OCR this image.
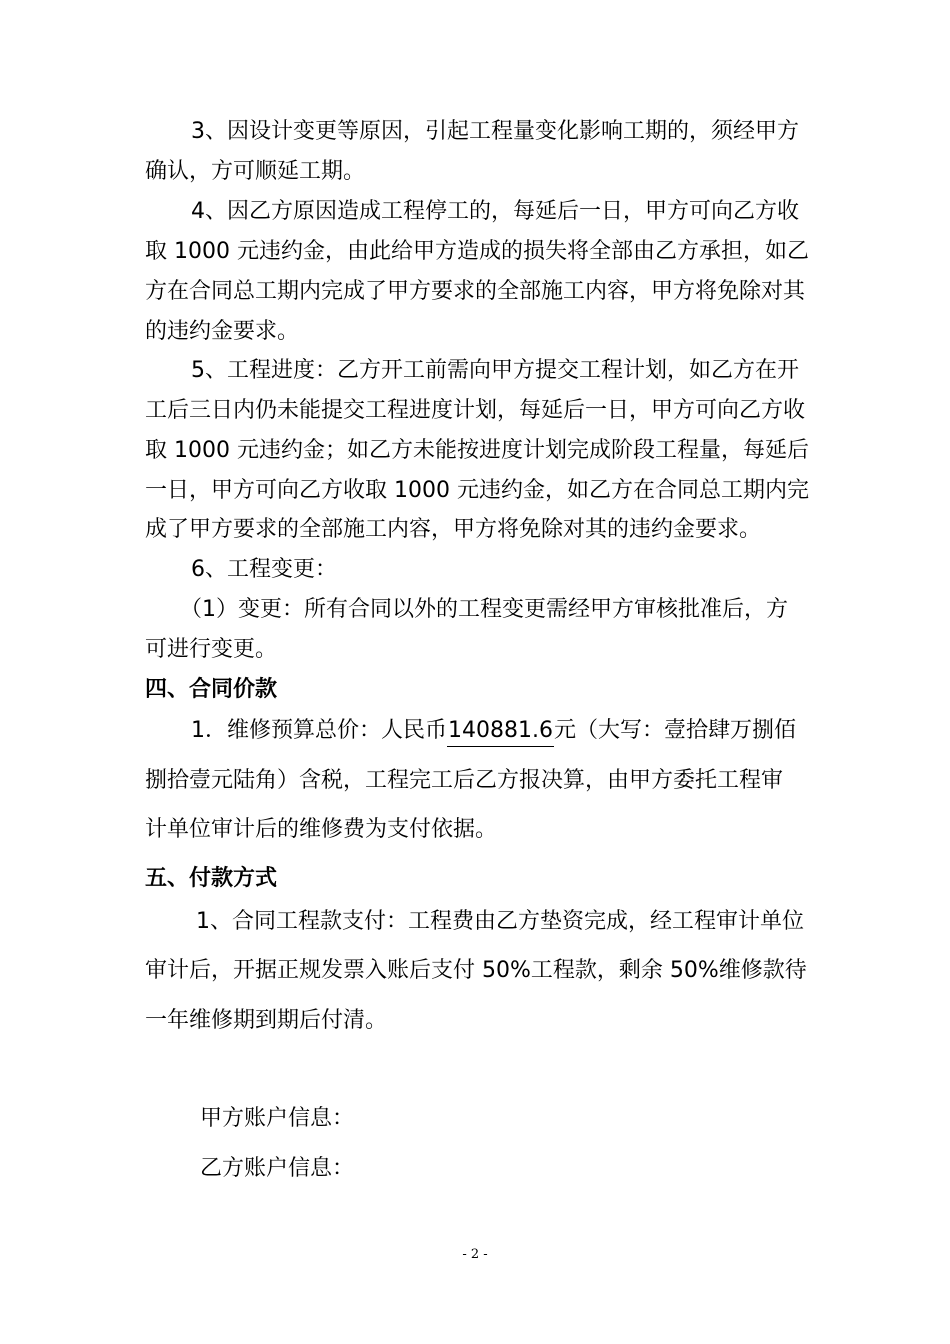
3、因设计变更等原因，引起工程量变化影响工期的，须经甲方
确认，方可顺延工期。
4、因乙方原因造成工程停工的，每延后一日，甲方可向乙方收
取 1000 元违约金，由此给甲方造成的损失将全部由乙方承担，如乙
方在合同总工期内完成了甲方要求的全部施工内容，甲方将免除对其
的违约金要求。
5、工程进度：乙方开工前需向甲方提交工程计划，如乙方在开
工后三日内仍未能提交工程进度计划，每延后一日，甲方可向乙方收
取 1000 元违约金；如乙方未能按进度计划完成阶段工程量，每延后
一日，甲方可向乙方收取 1000 元违约金，如乙方在合同总工期内完
成了甲方要求的全部施工内容，甲方将免除对其的违约金要求。
6、工程变更：
（1）变更：所有合同以外的工程变更需经甲方审核批准后，方
可进行变更。
四、合同价款
1．维修预算总价：人民币140881.6元（大写：壹拾肆万捌佰
捌拾壹元陆角）含税，工程完工后乙方报决算，由甲方委托工程审
计单位审计后的维修费为支付依据。
五、付款方式
1、合同工程款支付：工程费由乙方垫资完成，经工程审计单位
审计后，开据正规发票入账后支付 50%工程款，剩余 50%维修款待
一年维修期到期后付清。
甲方账户信息：
乙方账户信息：
- 2 -
